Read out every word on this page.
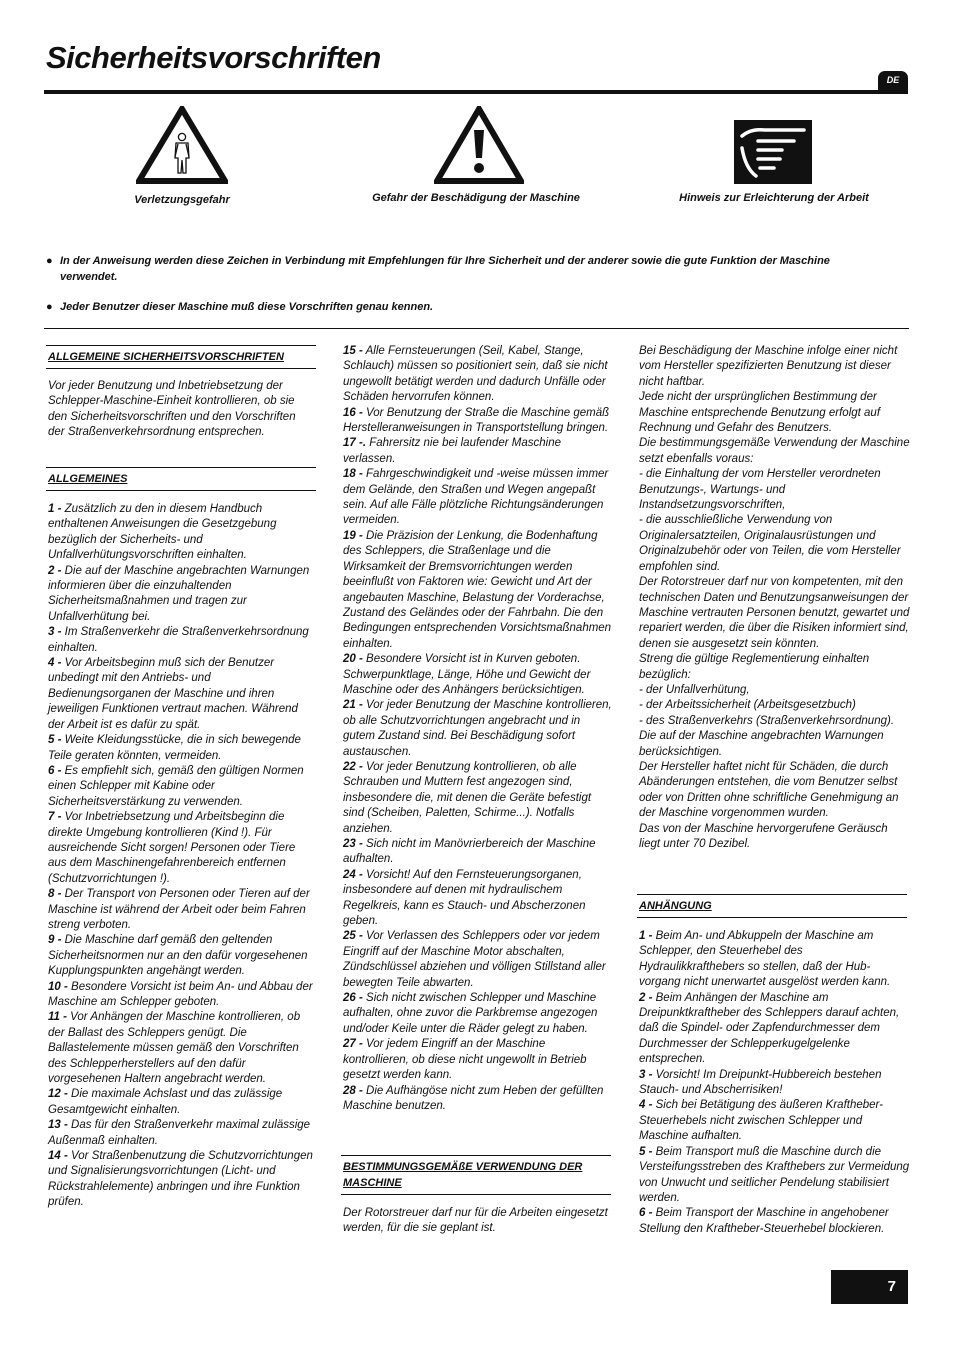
Sicherheitsvorschriften
DE
Verletzungsgefahr	Gefahr der Beschädigung der Maschine	Hinweis zur Erleichterung der Arbeit

● In der Anweisung werden diese Zeichen in Verbindung mit Empfehlungen für Ihre Sicherheit und der anderer sowie die gute Funktion der Maschine verwendet.

● Jeder Benutzer dieser Maschine muß diese Vorschriften genau kennen.

ALLGEMEINE SICHERHEITSVORSCHRIFTEN

Vor jeder Benutzung und Inbetriebsetzung der Schlepper-Maschine-Einheit kontrollieren, ob sie den Sicherheitsvorschriften und den Vorschriften der Straßenverkehrsordnung entsprechen.

ALLGEMEINES
1 - Zusätzlich zu den in diesem Handbuch enthaltenen Anweisungen die Gesetzgebung bezüglich der Sicherheits- und Unfallverhütungsvorschriften einhalten.
2 - Die auf der Maschine angebrachten Warnungen informieren über die einzuhaltenden Sicherheitsmaßnahmen und tragen zur Unfallverhütung bei.
3 - Im Straßenverkehr die Straßenverkehrsordnung einhalten.
4 - Vor Arbeitsbeginn muß sich der Benutzer unbedingt mit den Antriebs- und Bedienungsorganen der Maschine und ihren jeweiligen Funktionen vertraut machen. Während der Arbeit ist es dafür zu spät.
5 - Weite Kleidungsstücke, die in sich bewegende Teile geraten könnten, vermeiden.
6 - Es empfiehlt sich, gemäß den gültigen Normen einen Schlepper mit Kabine oder Sicherheitsverstärkung zu verwenden.
7 - Vor Inbetriebsetzung und Arbeitsbeginn die direkte Umgebung kontrollieren (Kind !). Für ausreichende Sicht sorgen! Personen oder Tiere aus dem Maschinengefahrenbereich entfernen (Schutzvorrichtungen !).
8 - Der Transport von Personen oder Tieren auf der Maschine ist während der Arbeit oder beim Fahren streng verboten.
9 - Die Maschine darf gemäß den geltenden Sicherheitsnormen nur an den dafür vorgesehenen Kupplungspunkten angehängt werden.
10 - Besondere Vorsicht ist beim An- und Abbau der Maschine am Schlepper geboten.
11 - Vor Anhängen der Maschine kontrollieren, ob der Ballast des Schleppers genügt. Die Ballastelemente müssen gemäß den Vorschriften des Schlepperherstellers auf den dafür vorgesehenen Haltern angebracht werden.
12 - Die maximale Achslast und das zulässige Gesamtgewicht einhalten.
13 - Das für den Straßenverkehr maximal zulässige Außenmaß einhalten.
14 - Vor Straßenbenutzung die Schutzvorrichtungen und Signalisierungsvorrichtungen (Licht- und Rückstrahlelemente) anbringen und ihre Funktion prüfen.
15 - Alle Fernsteuerungen (Seil, Kabel, Stange, Schlauch) müssen so positioniert sein, daß sie nicht ungewollt betätigt werden und dadurch Unfälle oder Schäden hervorrufen können.
16 - Vor Benutzung der Straße die Maschine gemäß Herstelleranweisungen in Transportstellung bringen.
17 -. Fahrersitz nie bei laufender Maschine verlassen.
18 - Fahrgeschwindigkeit und -weise müssen immer dem Gelände, den Straßen und Wegen angepaßt sein. Auf alle Fälle plötzliche Richtungsänderungen vermeiden.
19 - Die Präzision der Lenkung, die Bodenhaftung des Schleppers, die Straßenlage und die Wirksamkeit der Bremsvorrichtungen werden beeinflußt von Faktoren wie: Gewicht und Art der angebauten Maschine, Belastung der Vorderachse, Zustand des Geländes oder der Fahrbahn. Die den Bedingungen entsprechenden Vorsichtsmaßnahmen einhalten.
20 - Besondere Vorsicht ist in Kurven geboten. Schwerpunktlage, Länge, Höhe und Gewicht der Maschine oder des Anhängers berücksichtigen.
21 - Vor jeder Benutzung der Maschine kontrollieren, ob alle Schutzvorrichtungen angebracht und in gutem Zustand sind. Bei Beschädigung sofort austauschen.
22 - Vor jeder Benutzung kontrollieren, ob alle Schrauben und Muttern fest angezogen sind, insbesondere die, mit denen die Geräte befestigt sind (Scheiben, Paletten, Schirme...). Notfalls anziehen.
23 - Sich nicht im Manövrierbereich der Maschine aufhalten.
24 - Vorsicht! Auf den Fernsteuerungsorganen, insbesondere auf denen mit hydraulischem Regelkreis, kann es Stauch- und Abscherzonen geben.
25 - Vor Verlassen des Schleppers oder vor jedem Eingriff auf der Maschine Motor abschalten, Zündschlüssel abziehen und völligen Stillstand aller bewegten Teile abwarten.
26 - Sich nicht zwischen Schlepper und Maschine aufhalten, ohne zuvor die Parkbremse angezogen und/oder Keile unter die Räder gelegt zu haben.
27 - Vor jedem Eingriff an der Maschine kontrollieren, ob diese nicht ungewollt in Betrieb gesetzt werden kann.
28 - Die Aufhängöse nicht zum Heben der gefüllten Maschine benutzen.
BESTIMMUNGSGEMÄßE VERWENDUNG DER MASCHINE

Der Rotorstreuer darf nur für die Arbeiten eingesetzt werden, für die sie geplant ist.

Bei Beschädigung der Maschine infolge einer nicht vom Hersteller spezifizierten Benutzung ist dieser nicht haftbar.
Jede nicht der ursprünglichen Bestimmung der Maschine entsprechende Benutzung erfolgt auf Rechnung und Gefahr des Benutzers.
Die bestimmungsgemäße Verwendung der Maschine setzt ebenfalls voraus:
- die Einhaltung der vom Hersteller verordneten Benutzungs-, Wartungs- und Instandsetzungsvorschriften,
- die ausschließliche Verwendung von Originalersatzteilen, Originalausrüstungen und Originalzubehör oder von Teilen, die vom Hersteller empfohlen sind.
Der Rotorstreuer darf nur von kompetenten, mit den technischen Daten und Benutzungsanweisungen der Maschine vertrauten Personen benutzt, gewartet und repariert werden, die über die Risiken informiert sind, denen sie ausgesetzt sein könnten.
Streng die gültige Reglementierung einhalten bezüglich:
- der Unfallverhütung,
- der Arbeitssicherheit (Arbeitsgesetzbuch)
- des Straßenverkehrs (Straßenverkehrsordnung).
Die auf der Maschine angebrachten Warnungen berücksichtigen.
Der Hersteller haftet nicht für Schäden, die durch Abänderungen entstehen, die vom Benutzer selbst oder von Dritten ohne schriftliche Genehmigung an der Maschine vorgenommen wurden.
Das von der Maschine hervorgerufene Geräusch liegt unter 70 Dezibel.
ANHÄNGUNG
1 - Beim An- und Abkuppeln der Maschine am Schlepper, den Steuerhebel des Hydraulikkrafthebers so stellen, daß der Hub-vorgang nicht unerwartet ausgelöst werden kann.
2 - Beim Anhängen der Maschine am Dreipunktkraftheber des Schleppers darauf achten, daß die Spindel- oder Zapfendurchmesser dem Durchmesser der Schlepperkugelgelenke entsprechen.
3 - Vorsicht! Im Dreipunkt-Hubbereich bestehen Stauch- und Abscherrisiken!
4 - Sich bei Betätigung des äußeren Kraftheber-Steuerhebels nicht zwischen Schlepper und Maschine aufhalten.
5 - Beim Transport muß die Maschine durch die Versteifungsstreben des Krafthebers zur Vermeidung von Unwucht und seitlicher Pendelung stabilisiert werden.
6 - Beim Transport der Maschine in angehobener Stellung den Kraftheber-Steuerhebel blockieren.
7
